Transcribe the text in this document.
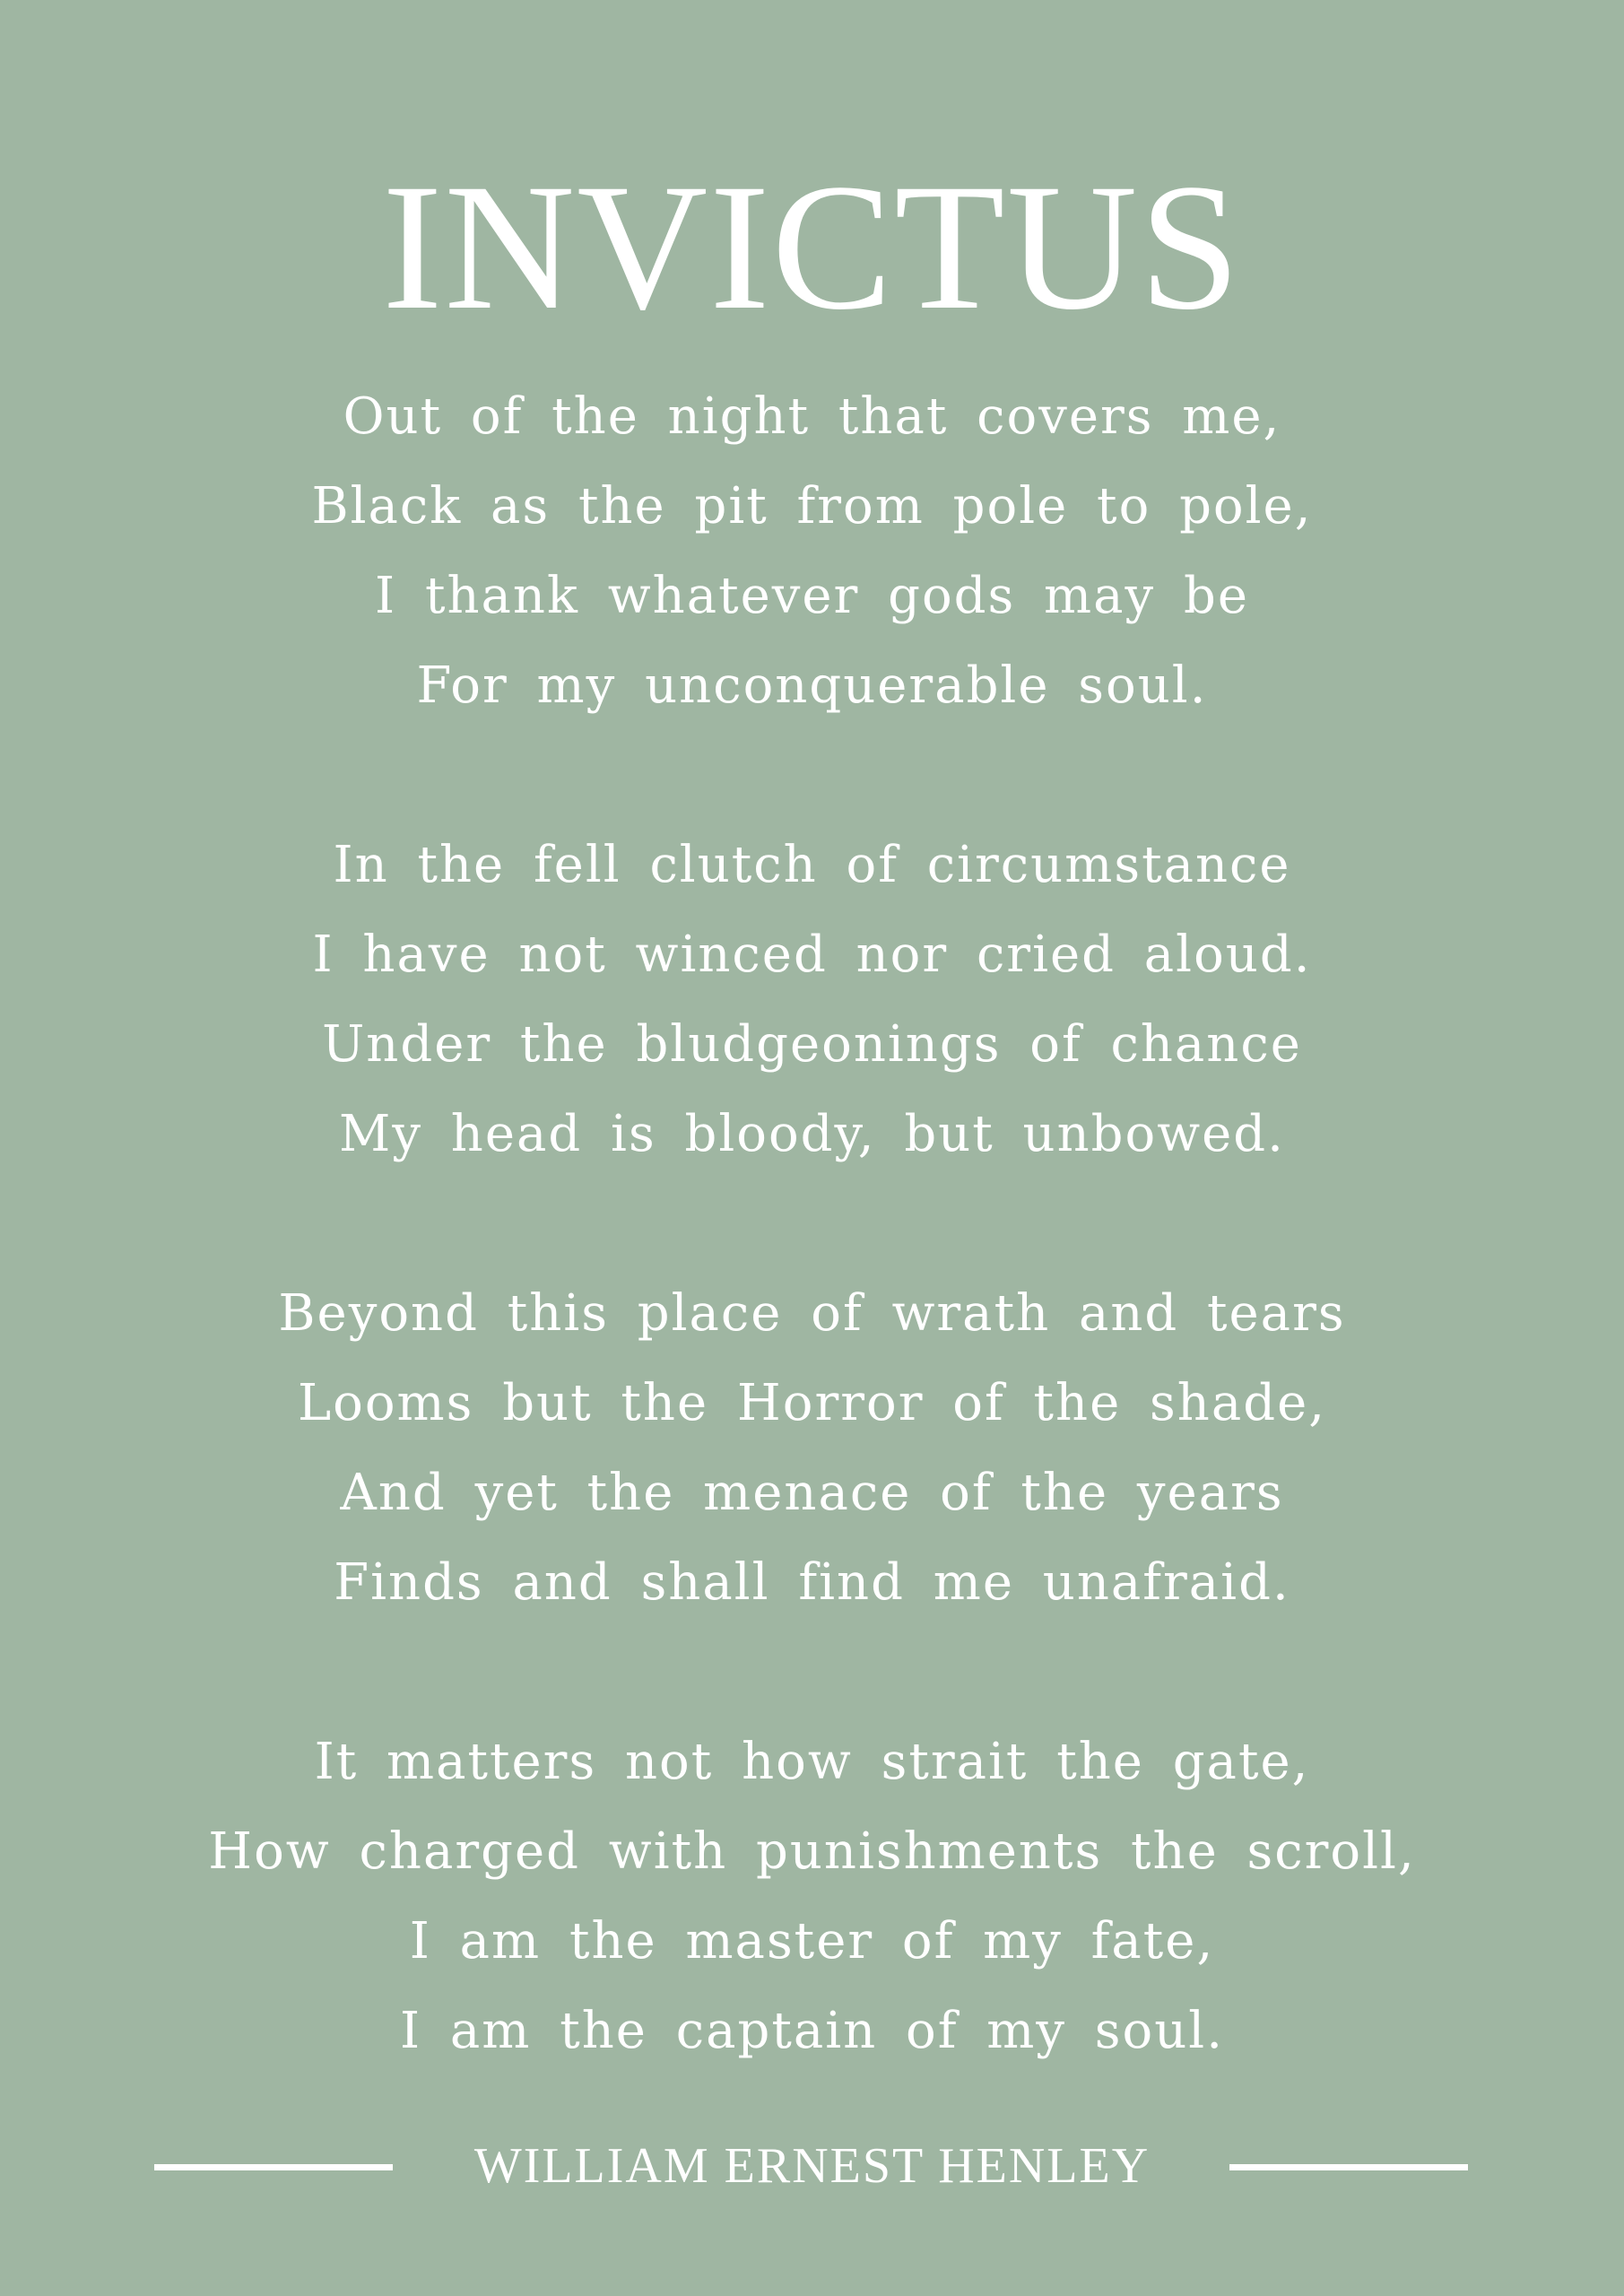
INVICTUS
Out of the night that covers me,
Black as the pit from pole to pole,
I thank whatever gods may be
For my unconquerable soul.
In the fell clutch of circumstance
I have not winced nor cried aloud.
Under the bludgeonings of chance
My head is bloody, but unbowed.
Beyond this place of wrath and tears
Looms but the Horror of the shade,
And yet the menace of the years
Finds and shall find me unafraid.
It matters not how strait the gate,
How charged with punishments the scroll,
I am the master of my fate,
I am the captain of my soul.
WILLIAM ERNEST HENLEY
